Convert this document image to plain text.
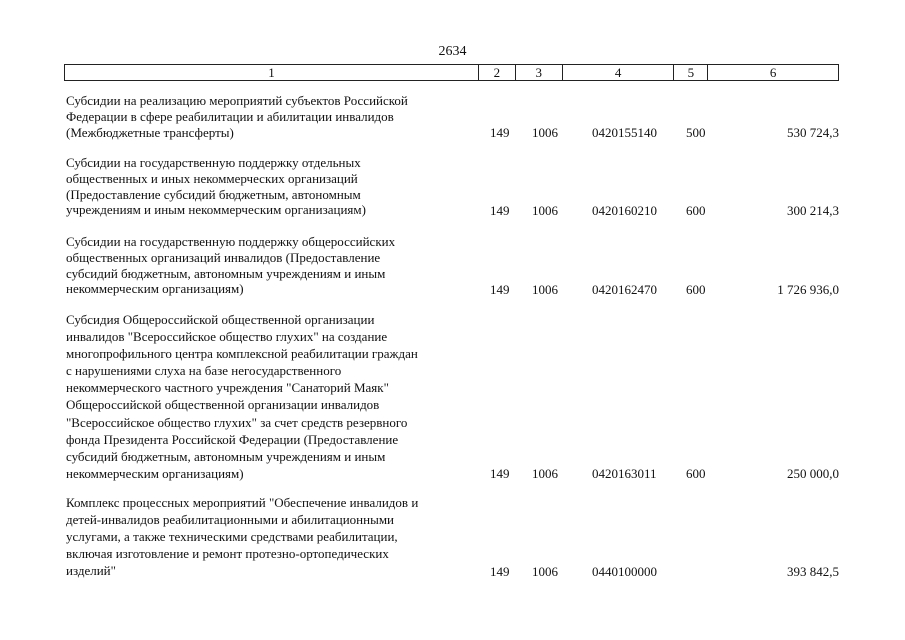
2634
1	2	3	4	5	6
Субсидии на реализацию мероприятий субъектов Российской
Федерации в сфере реабилитации и абилитации инвалидов
(Межбюджетные трансферты)	149 1006	0420155140 500	530 724,3
Субсидии на государственную поддержку отдельных
общественных и иных некоммерческих организаций
(Предоставление субсидий бюджетным, автономным
учреждениям и иным некоммерческим организациям)	149 1006	0420160210 600	300 214,3
Субсидии на государственную поддержку общероссийских
общественных организаций инвалидов (Предоставление
субсидий бюджетным, автономным учреждениям и иным
некоммерческим организациям)	149 1006	0420162470 600	1 726 936,0
Субсидия Общероссийской общественной организации
инвалидов "Всероссийское общество глухих" на создание
многопрофильного центра комплексной реабилитации граждан
с нарушениями слуха на базе негосударственного
некоммерческого частного учреждения "Санаторий Маяк"
Общероссийской общественной организации инвалидов
"Всероссийское общество глухих" за счет средств резервного
фонда Президента Российской Федерации (Предоставление
субсидий бюджетным, автономным учреждениям и иным
некоммерческим организациям)	149 1006	0420163011 600	250 000,0
Комплекс процессных мероприятий "Обеспечение инвалидов и
детей-инвалидов реабилитационными и абилитационными
услугами, а также техническими средствами реабилитации,
включая изготовление и ремонт протезно-ортопедических
изделий"	149 1006	0440100000	393 842,5
